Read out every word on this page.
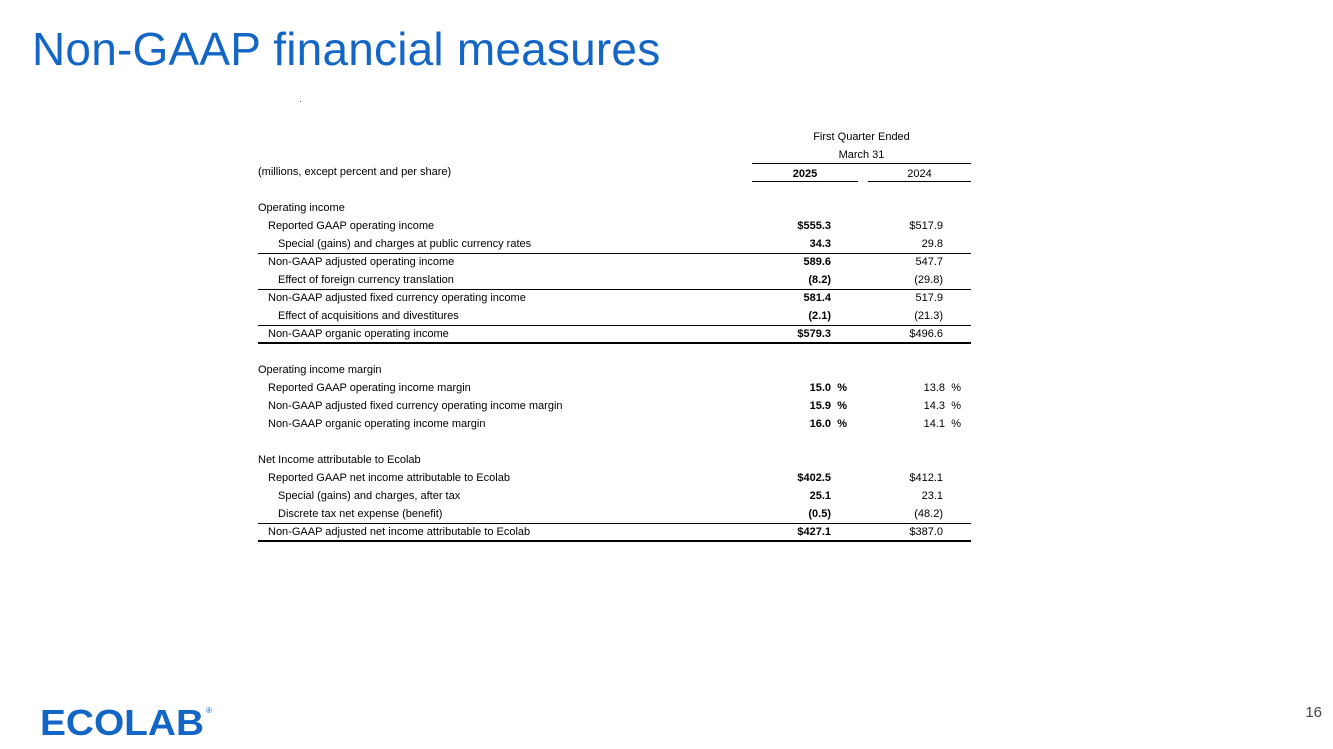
Non-GAAP financial measures
First Quarter Ended
March 31
(millions, except percent and per share)	2025	2024
Operating income
Reported GAAP operating income	$555.3	$517.9
Special (gains) and charges at public currency rates	34.3	29.8
Non-GAAP adjusted operating income	589.6	547.7
Effect of foreign currency translation	(8.2)	(29.8)
Non-GAAP adjusted fixed currency operating income	581.4	517.9
Effect of acquisitions and divestitures	(2.1)	(21.3)
Non-GAAP organic operating income	$579.3	$496.6
Operating income margin
Reported GAAP operating income margin	15.0 %	13.8 %
Non-GAAP adjusted fixed currency operating income margin	15.9 %	14.3 %
Non-GAAP organic operating income margin	16.0 %	14.1 %
Net Income attributable to Ecolab
Reported GAAP net income attributable to Ecolab	$402.5	$412.1
Special (gains) and charges, after tax	25.1	23.1
Discrete tax net expense (benefit)	(0.5)	(48.2)
Non-GAAP adjusted net income attributable to Ecolab	$427.1	$387.0
ECOLAB ®	16
